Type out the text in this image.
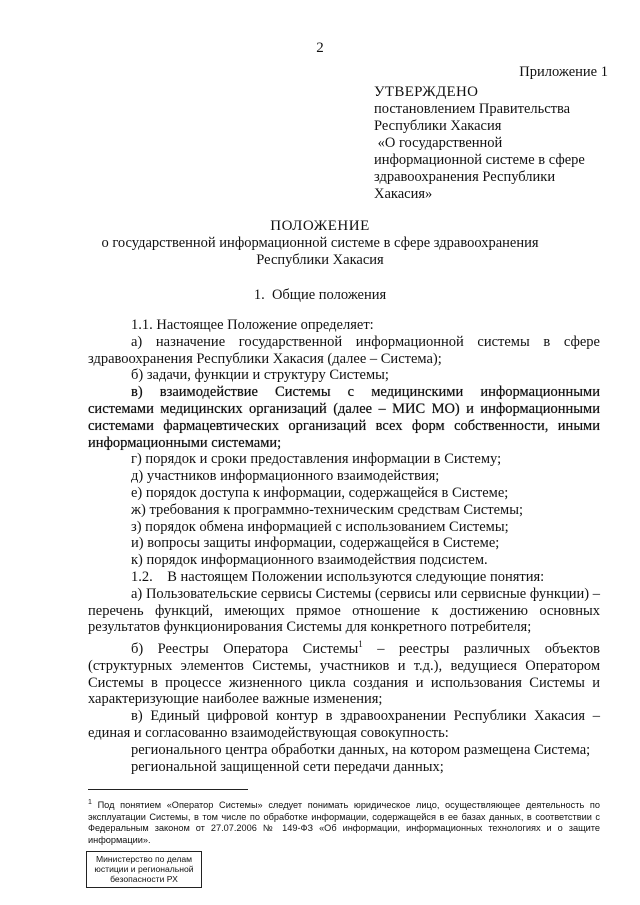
2
Приложение 1
УТВЕРЖДЕНО
постановлением Правительства
Республики Хакасия
«О государственной
информационной системе в сфере
здравоохранения Республики
Хакасия»
ПОЛОЖЕНИЕ
о государственной информационной системе в сфере здравоохранения
Республики Хакасия
1.  Общие положения

1.1. Настоящее Положение определяет:

а) назначение государственной информационной системы в сфере здравоохранения Республики Хакасия (далее – Система);

б) задачи, функции и структуру Системы;

в) взаимодействие Системы с медицинскими информационными системами медицинских организаций (далее – МИС МО) и информационными системами фармацевтических организаций всех форм собственности, иными информационными системами;

г) порядок и сроки предоставления информации в Систему;

д) участников информационного взаимодействия;

е) порядок доступа к информации, содержащейся в Системе;

ж) требования к программно-техническим средствам Системы;

з) порядок обмена информацией с использованием Системы;

и) вопросы защиты информации, содержащейся в Системе;

к) порядок информационного взаимодействия подсистем.

1.2.    В настоящем Положении используются следующие понятия:

а) Пользовательские сервисы Системы (сервисы или сервисные функции) – перечень функций, имеющих прямое отношение к достижению основных результатов функционирования Системы для конкретного потребителя;

б) Реестры Оператора Системы$^1$ – реестры различных объектов (структурных элементов Системы, участников и т.д.), ведущиеся Оператором Системы в процессе жизненного цикла создания и использования Системы и характеризующие наиболее важные изменения;

в) Единый цифровой контур в здравоохранении Республики Хакасия – единая и согласованно взаимодействующая совокупность:

регионального центра обработки данных, на котором размещена Система;

региональной защищенной сети передачи данных;

$^1$ Под понятием «Оператор Системы» следует понимать юридическое лицо, осуществляющее деятельность по эксплуатации Системы, в том числе по обработке информации, содержащейся в ее базах данных, в соответствии с Федеральным законом от 27.07.2006 № 149-ФЗ «Об информации, информационных технологиях и о защите информации».
Министерство по делам
юстиции и региональной
безопасности РХ
